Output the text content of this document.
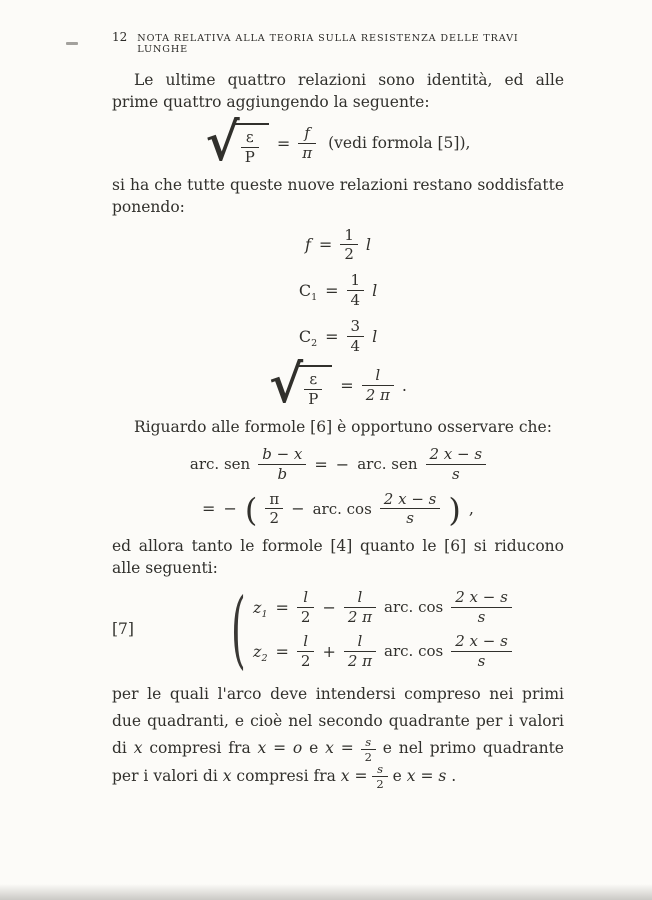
12 NOTA RELATIVA ALLA TEORIA SULLA RESISTENZA DELLE TRAVI LUNGHE

Le ultime quattro relazioni sono identità, ed alle prime quattro aggiungendo la seguente:

√ $\frac{\varepsilon}{P} = \frac{f}{\pi}$ (vedi formola [5]),

si ha che tutte queste nuove relazioni restano soddisfatte ponendo:

$f = \frac{1}{2}$ l
$C_1 = \frac{1}{4}$ l
$C_2 = \frac{3}{4}$ l
√ $\frac{\varepsilon}{P} = \frac{l}{2 \pi}$ .

Riguardo alle formole [6] è opportuno osservare che:

arc. sen $\frac{b - x}{b}$ = − arc. sen $\frac{2 x - s}{s}$
= − ( $\frac{\pi}{2}$ − arc. $\cos \frac{2 x - s}{s}$ ) ,

ed allora tanto le formole [4] quanto le [6] si riducono alle seguenti:

[7]	( $z_1 = \frac{l}{2} - \frac{l}{2 \pi}$ arc. $\cos \frac{2 x - s}{s}$
$z_2 = \frac{l}{2} + \frac{l}{2 \pi}$ arc. $\cos \frac{2 x - s}{s}$

per le quali l'arco deve intendersi compreso nei primi due quadranti, e cioè nel secondo quadrante per i valori di x compresi fra x = o e $x = \frac{s}{2}$ e nel primo quadrante per i valori di x compresi fra $x = \frac{s}{2}$ e x = s .
